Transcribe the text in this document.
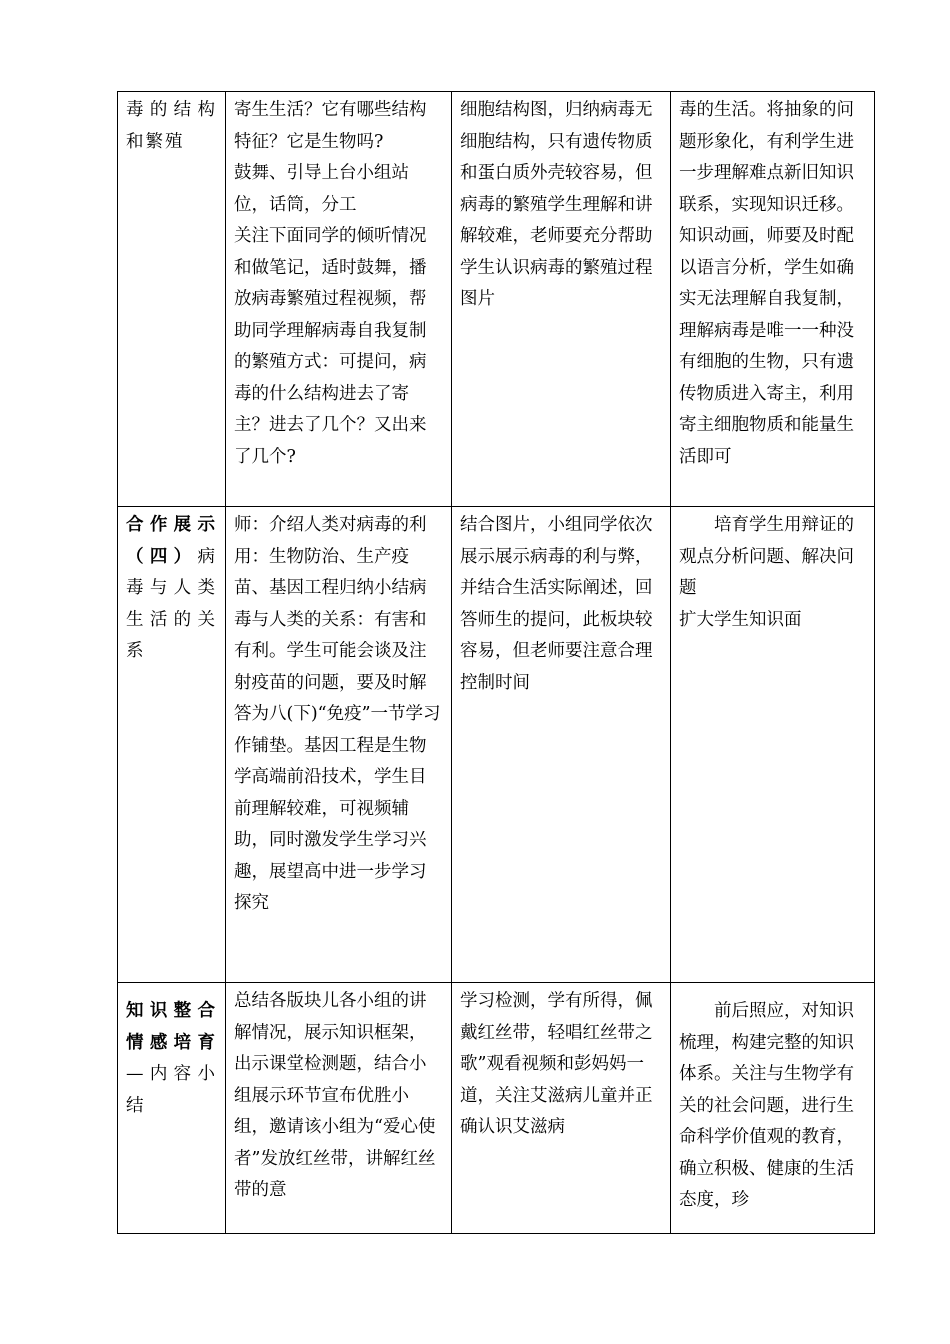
毒的结构和繁殖	寄生生活？它有哪些结构特征？它是生物吗?
鼓舞、引导上台小组站位，话筒，分工
关注下面同学的倾听情况和做笔记，适时鼓舞，播放病毒繁殖过程视频，帮助同学理解病毒自我复制的繁殖方式：可提问，病毒的什么结构进去了寄主？进去了几个？又出来了几个?	细胞结构图，归纳病毒无细胞结构，只有遗传物质和蛋白质外壳较容易，但病毒的繁殖学生理解和讲解较难，老师要充分帮助学生认识病毒的繁殖过程图片	毒的生活。将抽象的问题形象化，有利学生进一步理解难点新旧知识联系，实现知识迁移。知识动画，师要及时配以语言分析，学生如确实无法理解自我复制，理解病毒是唯一一种没有细胞的生物，只有遗传物质进入寄主，利用寄主细胞物质和能量生活即可

合作展示（四）病毒与人类生活的关系	师：介绍人类对病毒的利用：生物防治、生产疫苗、基因工程归纳小结病毒与人类的关系：有害和有利。学生可能会谈及注射疫苗的问题，要及时解答为八(下)“免疫”一节学习作铺垫。基因工程是生物学高端前沿技术，学生目前理解较难，可视频辅助，同时激发学生学习兴趣，展望高中进一步学习探究	结合图片，小组同学依次展示展示病毒的利与弊，并结合生活实际阐述，回答师生的提问，此板块较容易，但老师要注意合理控制时间	培育学生用辩证的观点分析问题、解决问题
扩大学生知识面

知识整合情感培育—内容小结	总结各版块儿各小组的讲解情况，展示知识框架，出示课堂检测题，结合小组展示环节宣布优胜小组，邀请该小组为“爱心使者”发放红丝带，讲解红丝带的意	学习检测，学有所得，佩戴红丝带，轻唱红丝带之歌”观看视频和彭妈妈一道，关注艾滋病儿童并正确认识艾滋病	前后照应，对知识梳理，构建完整的知识体系。关注与生物学有关的社会问题，进行生命科学价值观的教育，确立积极、健康的生活态度，珍
